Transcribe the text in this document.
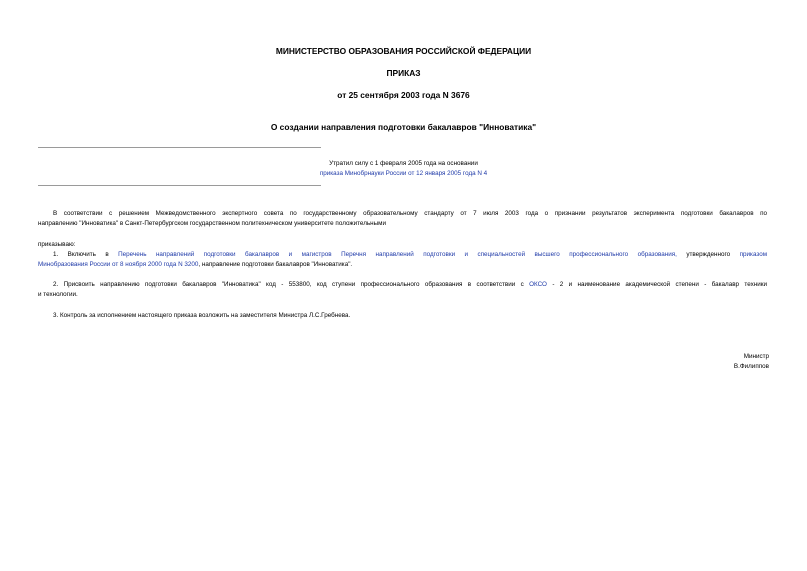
МИНИСТЕРСТВО ОБРАЗОВАНИЯ РОССИЙСКОЙ ФЕДЕРАЦИИ
ПРИКАЗ
от 25 сентября 2003 года N 3676
О создании направления подготовки бакалавров "Инноватика"
Утратил силу с 1 февраля 2005 года на основании
приказа Минобрнауки России от 12 января 2005 года N 4
В соответствии с решением Межведомственного экспертного совета по государственному образовательному стандарту от 7 июля 2003 года о признании результатов эксперимента подготовки бакалавров по
направлению "Инноватика" в Санкт-Петербургском государственном политехническом университете положительными
приказываю:
1. Включить в Перечень направлений подготовки бакалавров и магистров Перечня направлений подготовки и специальностей высшего профессионального образования, утвержденного приказом
Минобразования России от 8 ноября 2000 года N 3200, направление подготовки бакалавров "Инноватика".
2. Присвоить направлению подготовки бакалавров "Инноватика" код - 553800, код ступени профессионального образования в соответствии с ОКСО - 2 и наименование академической степени - бакалавр техники
и технологии.
3. Контроль за исполнением настоящего приказа возложить на заместителя Министра Л.С.Гребнева.
Министр
В.Филиппов
